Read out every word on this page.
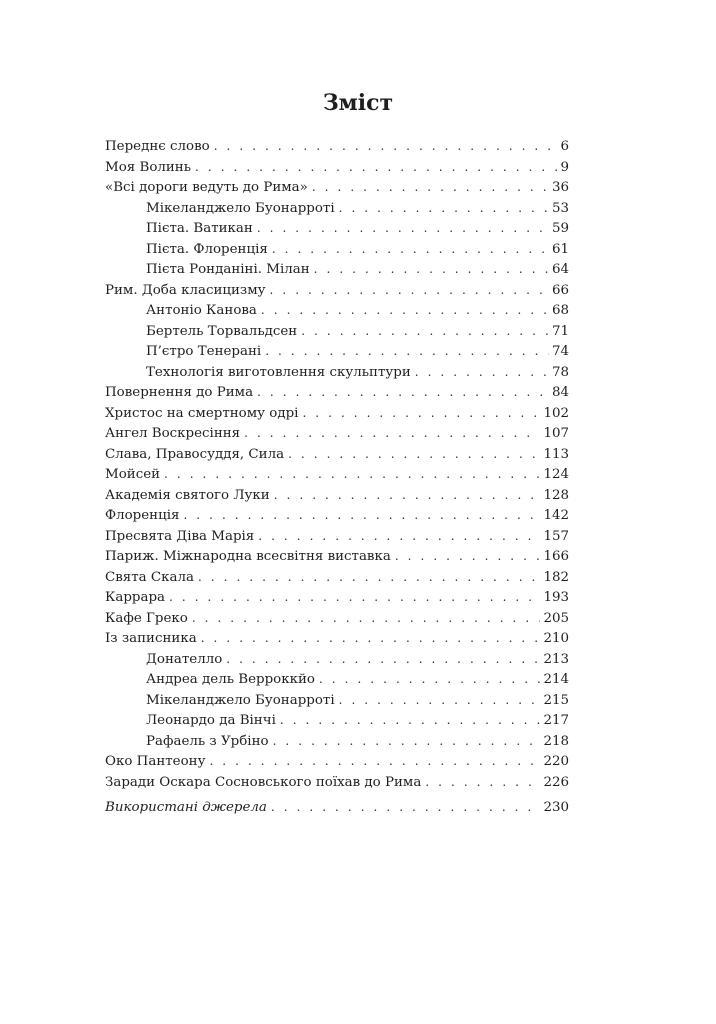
Зміст
Переднє слово . . .	6
Моя Волинь . . .	9
«Всі дороги ведуть до Рима» . . .	36
Мікеланджело Буонарроті . . .	53
Пієта. Ватикан . . .	59
Пієта. Флоренція . . .	61
Пієта Ронданіні. Мілан . . .	64
Рим. Доба класицизму . . .	66
Антоніо Канова . . .	68
Бертель Торвальдсен . . .	71
П’єтро Тенерані . . .	74
Технологія виготовлення скульптури . . .	78
Повернення до Рима . . .	84
Христос на смертному одрі . . .	102
Ангел Воскресіння . . .	107
Слава, Правосуддя, Сила . . .	113
Мойсей . . .	124
Академія святого Луки . . .	128
Флоренція . . .	142
Пресвята Діва Марія . . .	157
Париж. Міжнародна всесвітня виставка . . .	166
Свята Скала . . .	182
Каррара . . .	193
Кафе Греко . . .	205
Із записника . . .	210
Донателло . . .	213
Андреа дель Верроккйо . . .	214
Мікеланджело Буонарроті . . .	215
Леонардо да Вінчі . . .	217
Рафаель з Урбіно . . .	218
Око Пантеону . . .	220
Заради Оскара Сосновського поїхав до Рима . . .	226
Використані джерела . . .	230
